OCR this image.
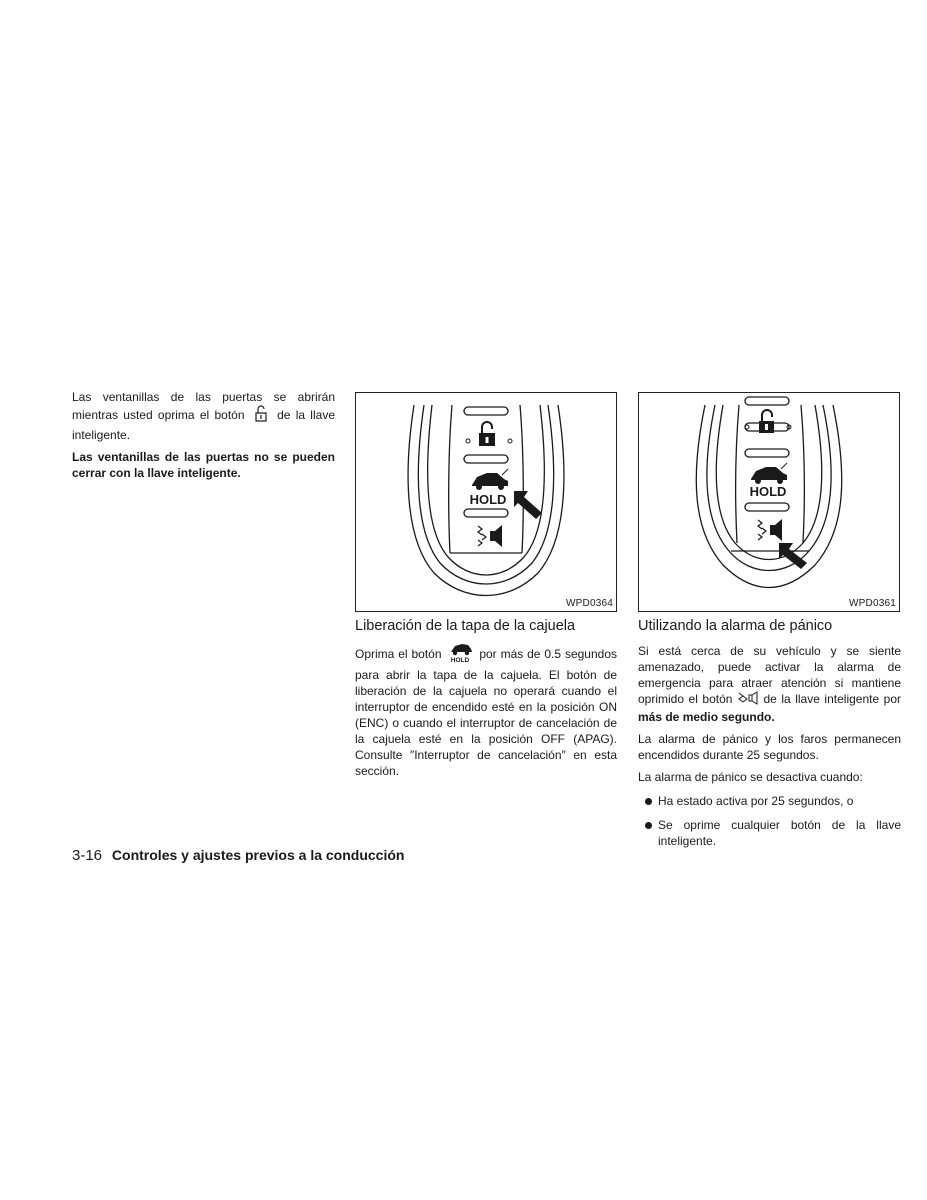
Las ventanillas de las puertas se abrirán mientras usted oprima el botón	de la llave inteligente.

Las ventanillas de las puertas no se pueden cerrar con la llave inteligente.

HOLD
WPD0364
Liberación de la tapa de la cajuela

Oprima el botón HOLD por más de 0.5 segundos para abrir la tapa de la cajuela. El botón de liberación de la cajuela no operará cuando el interruptor de encendido esté en la posición ON (ENC) o cuando el interruptor de cancelación de la cajuela esté en la posición OFF (APAG). Consulte ″Interruptor de cancelación″ en esta sección.

HOLD
WPD0361
Utilizando la alarma de pánico

Si está cerca de su vehículo y se siente amenazado, puede activar la alarma de emergencia para atraer atención si mantiene oprimido el botón	de la llave inteligente por más de medio segundo.

La alarma de pánico y los faros permanecen encendidos durante 25 segundos.

La alarma de pánico se desactiva cuando:

Ha estado activa por 25 segundos, o
Se oprime cualquier botón de la llave inteligente.
3-16 Controles y ajustes previos a la conducción
